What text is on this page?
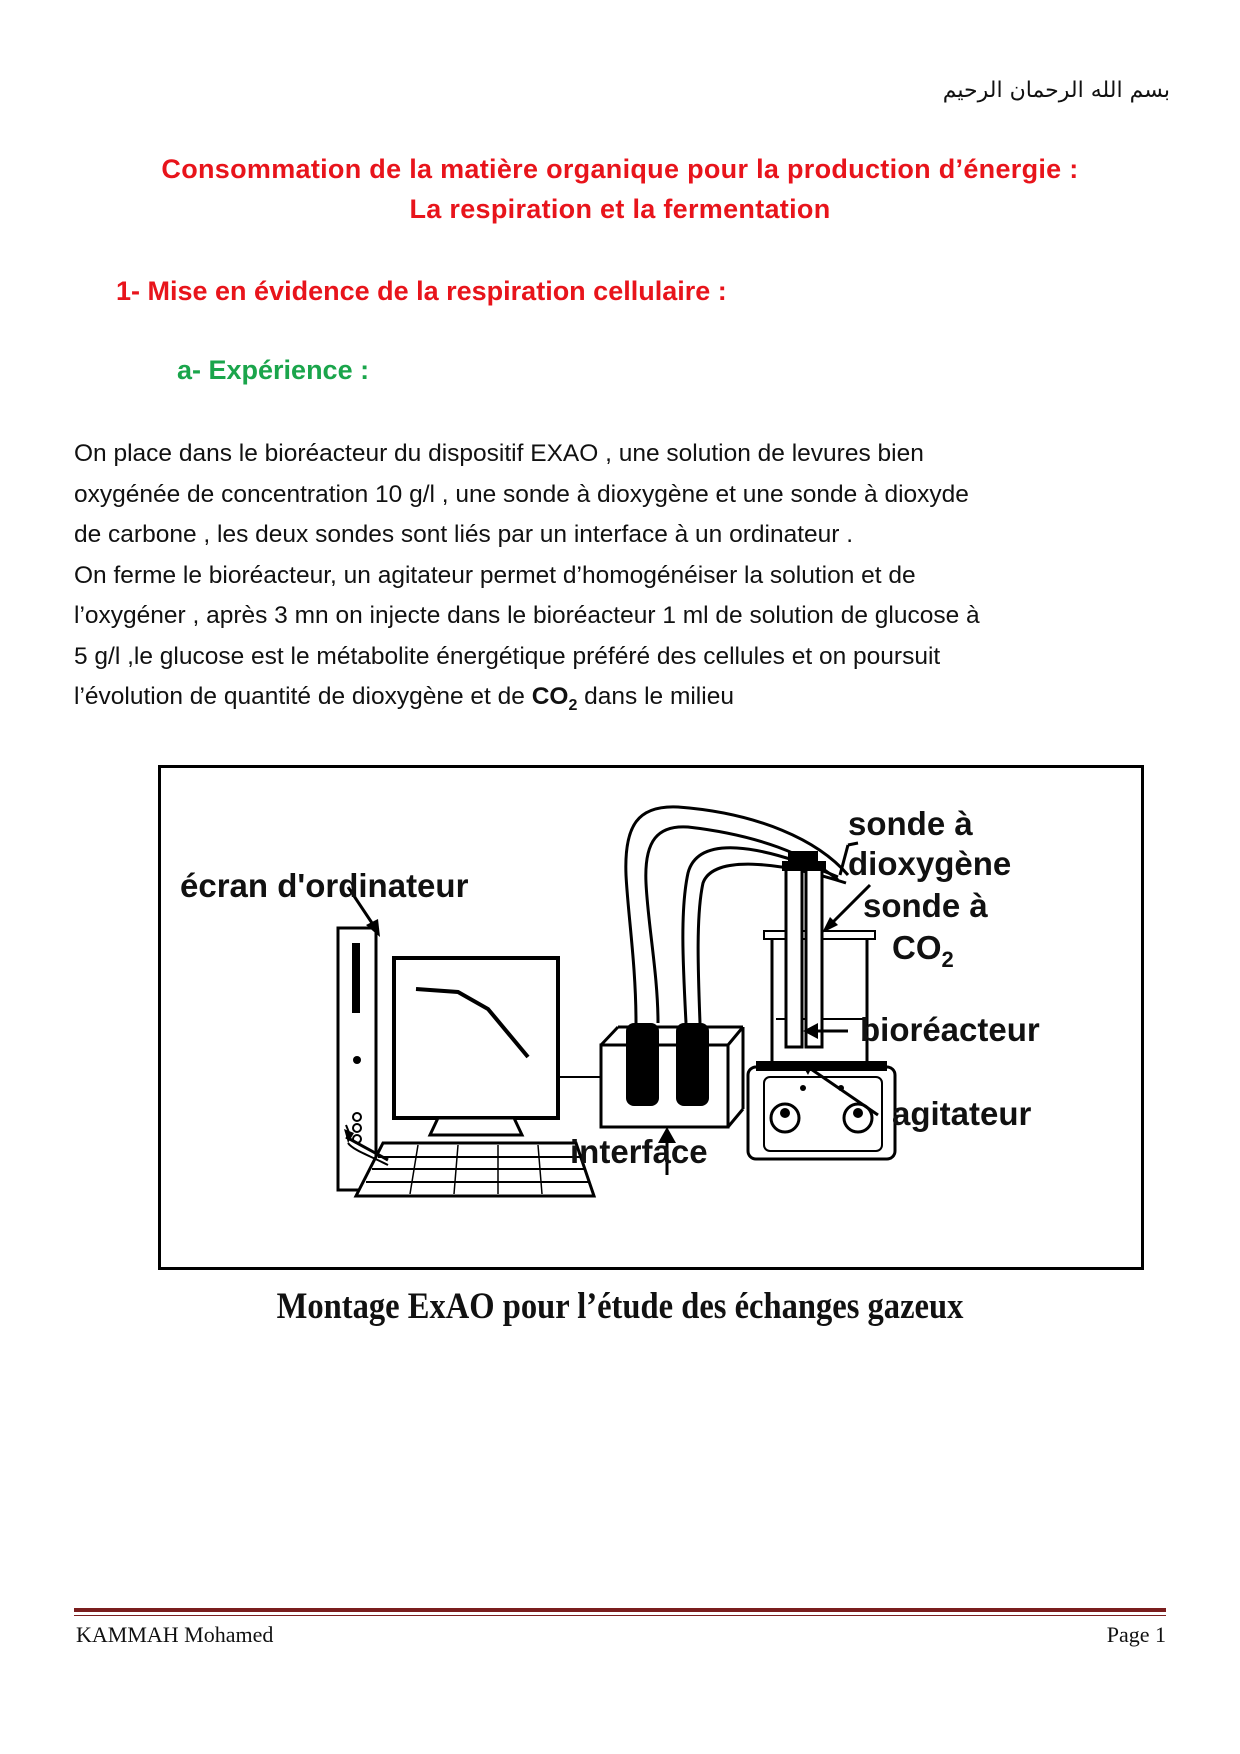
بسم الله الرحمان الرحيم
Consommation de la matière organique pour la production d’énergie :
La respiration et la fermentation
1- Mise en évidence de la respiration cellulaire :
a- Expérience :
On place dans le bioréacteur du dispositif EXAO , une solution de levures bien
oxygénée de concentration 10 g/l , une sonde à dioxygène et une sonde à dioxyde
de carbone , les deux sondes sont liés par un interface à un ordinateur .
On ferme le bioréacteur, un agitateur permet d’homogénéiser la solution et de
l’oxygéner , après 3 mn on injecte dans le bioréacteur 1 ml de solution de glucose à
5 g/l ,le glucose est le métabolite énergétique préféré des cellules et on poursuit
l’évolution de quantité de dioxygène et de $CO_2$ dans le milieu
écran d'ordinateur
sonde à
dioxygène
sonde à
$CO_2$
bioréacteur
agitateur
interface
Montage ExAO pour l’étude des échanges gazeux
KAMMAH Mohamed	Page 1
